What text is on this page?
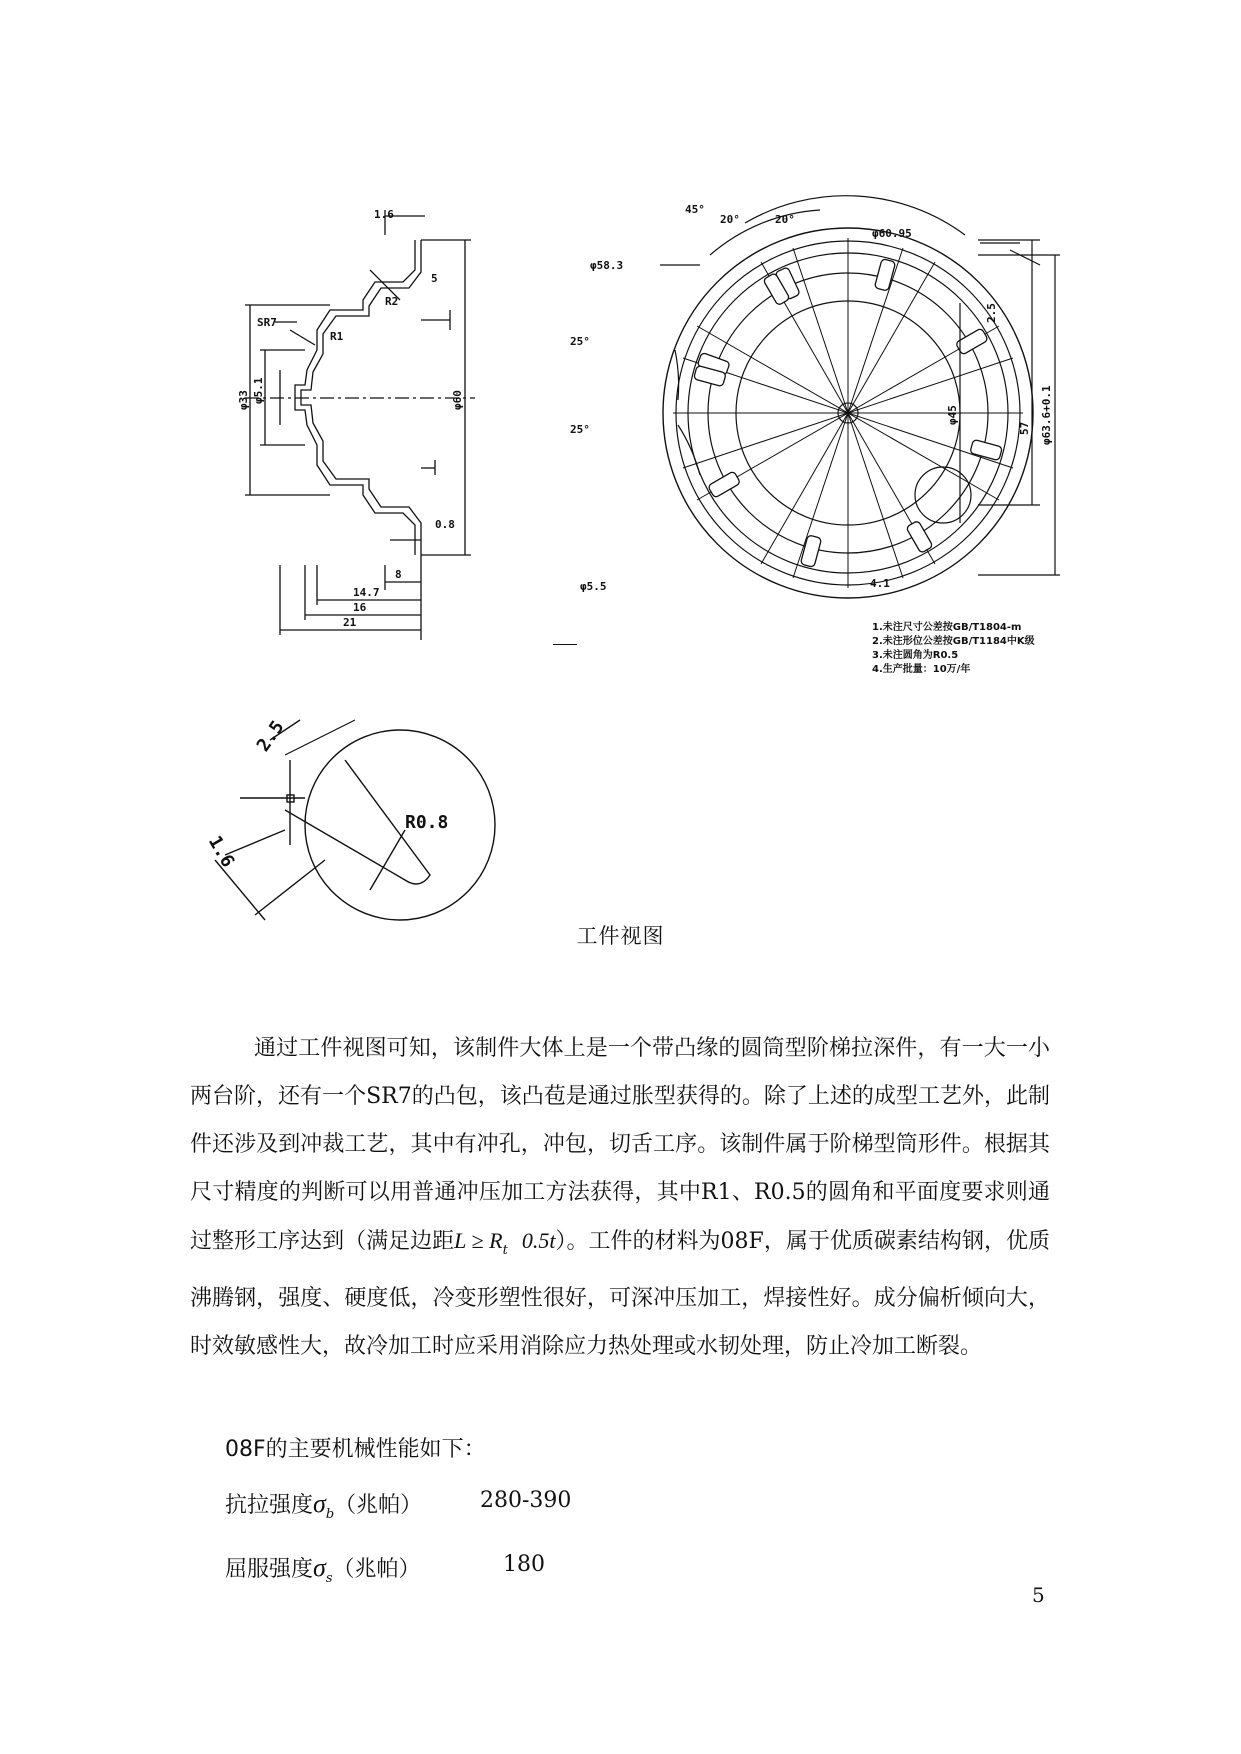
1.6
5
R2
SR7
R1
φ33 φ5.1	φ60
0.8
8
14.7
16
21
45°
20°	20°
φ60.95
φ58.3
25°
25°
φ45
57 φ63.6+0.1
2.5
φ5.5	4.1
1.未注尺寸公差按GB/T1804-m
2.未注形位公差按GB/T1184中K级
3.未注圆角为R0.5
4.生产批量：10万/年
2.5
R0.8
1.6
工件视图

通过工件视图可知，该制件大体上是一个带凸缘的圆筒型阶梯拉深件，有一大一小两台阶，还有一个SR7的凸包，该凸苞是通过胀型获得的。除了上述的成型工艺外，此制件还涉及到冲裁工艺，其中有冲孔，冲包，切舌工序。该制件属于阶梯型筒形件。根据其尺寸精度的判断可以用普通冲压加工方法获得，其中R1、R0.5的圆角和平面度要求则通过整形工序达到（满足边距$L \ge R_t$ 0.5t）。工件的材料为08F，属于优质碳素结构钢，优质沸腾钢，强度、硬度低，冷变形塑性很好，可深冲压加工，焊接性好。成分偏析倾向大，时效敏感性大，故冷加工时应采用消除应力热处理或水韧处理，防止冷加工断裂。

08F的主要机械性能如下：
抗拉强度$\sigma_b$（兆帕）	280-390
屈服强度$\sigma_s$（兆帕）	180
5
